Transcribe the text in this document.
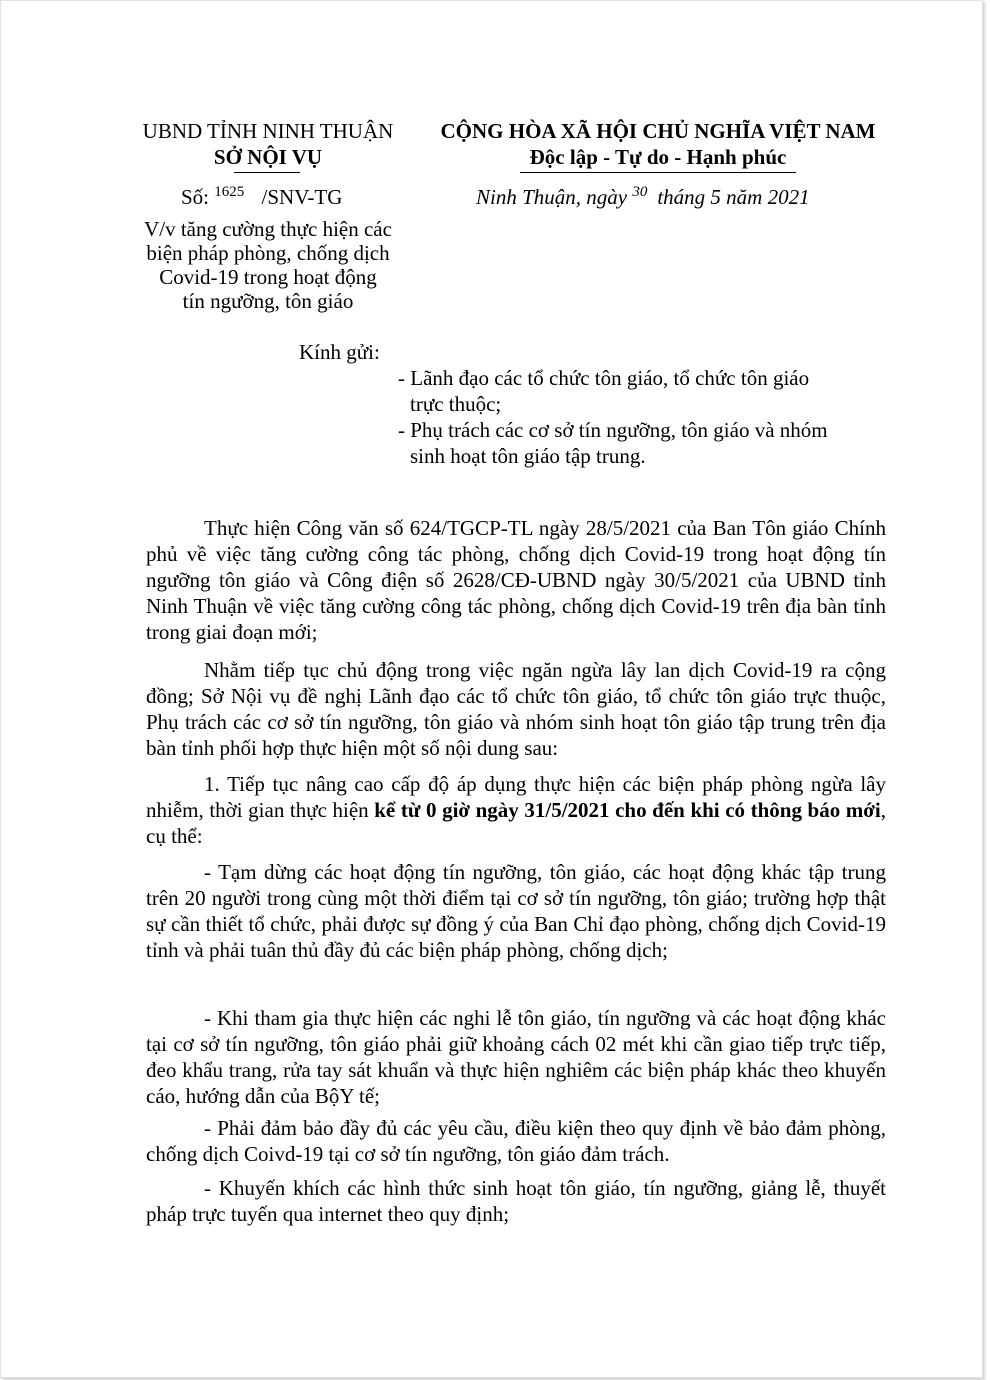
UBND TỈNH NINH THUẬN
SỞ NỘI VỤ
Số: $^{1625}$ /SNV-TG
V/v tăng cường thực hiện các
biện pháp phòng, chống dịch
Covid-19 trong hoạt động
tín ngưỡng, tôn giáo
CỘNG HÒA XÃ HỘI CHỦ NGHĨA VIỆT NAM
Độc lập - Tự do - Hạnh phúc
Ninh Thuận, ngày $^{30}$ tháng 5 năm 2021
Kính gửi:
- Lãnh đạo các tổ chức tôn giáo, tổ chức tôn giáo
trực thuộc;
- Phụ trách các cơ sở tín ngưỡng, tôn giáo và nhóm
sinh hoạt tôn giáo tập trung.

Thực hiện Công văn số 624/TGCP-TL ngày 28/5/2021 của Ban Tôn giáo Chính phủ về việc tăng cường công tác phòng, chống dịch Covid-19 trong hoạt động tín ngưỡng tôn giáo và Công điện số 2628/CĐ-UBND ngày 30/5/2021 của UBND tỉnh Ninh Thuận về việc tăng cường công tác phòng, chống dịch Covid-19 trên địa bàn tỉnh trong giai đoạn mới;

Nhằm tiếp tục chủ động trong việc ngăn ngừa lây lan dịch Covid-19 ra cộng đồng; Sở Nội vụ đề nghị Lãnh đạo các tổ chức tôn giáo, tổ chức tôn giáo trực thuộc, Phụ trách các cơ sở tín ngưỡng, tôn giáo và nhóm sinh hoạt tôn giáo tập trung trên địa bàn tỉnh phối hợp thực hiện một số nội dung sau:

1. Tiếp tục nâng cao cấp độ áp dụng thực hiện các biện pháp phòng ngừa lây nhiễm, thời gian thực hiện kể từ 0 giờ ngày 31/5/2021 cho đến khi có thông báo mới, cụ thể:

- Tạm dừng các hoạt động tín ngưỡng, tôn giáo, các hoạt động khác tập trung trên 20 người trong cùng một thời điểm tại cơ sở tín ngưỡng, tôn giáo; trường hợp thật sự cần thiết tổ chức, phải được sự đồng ý của Ban Chỉ đạo phòng, chống dịch Covid-19 tỉnh và phải tuân thủ đầy đủ các biện pháp phòng, chống dịch;

- Khi tham gia thực hiện các nghi lễ tôn giáo, tín ngưỡng và các hoạt động khác tại cơ sở tín ngưỡng, tôn giáo phải giữ khoảng cách 02 mét khi cần giao tiếp trực tiếp, đeo khẩu trang, rửa tay sát khuẩn và thực hiện nghiêm các biện pháp khác theo khuyến cáo, hướng dẫn của BộY tế;

- Phải đảm bảo đầy đủ các yêu cầu, điều kiện theo quy định về bảo đảm phòng, chống dịch Coivd-19 tại cơ sở tín ngưỡng, tôn giáo đảm trách.

- Khuyến khích các hình thức sinh hoạt tôn giáo, tín ngưỡng, giảng lễ, thuyết pháp trực tuyến qua internet theo quy định;
